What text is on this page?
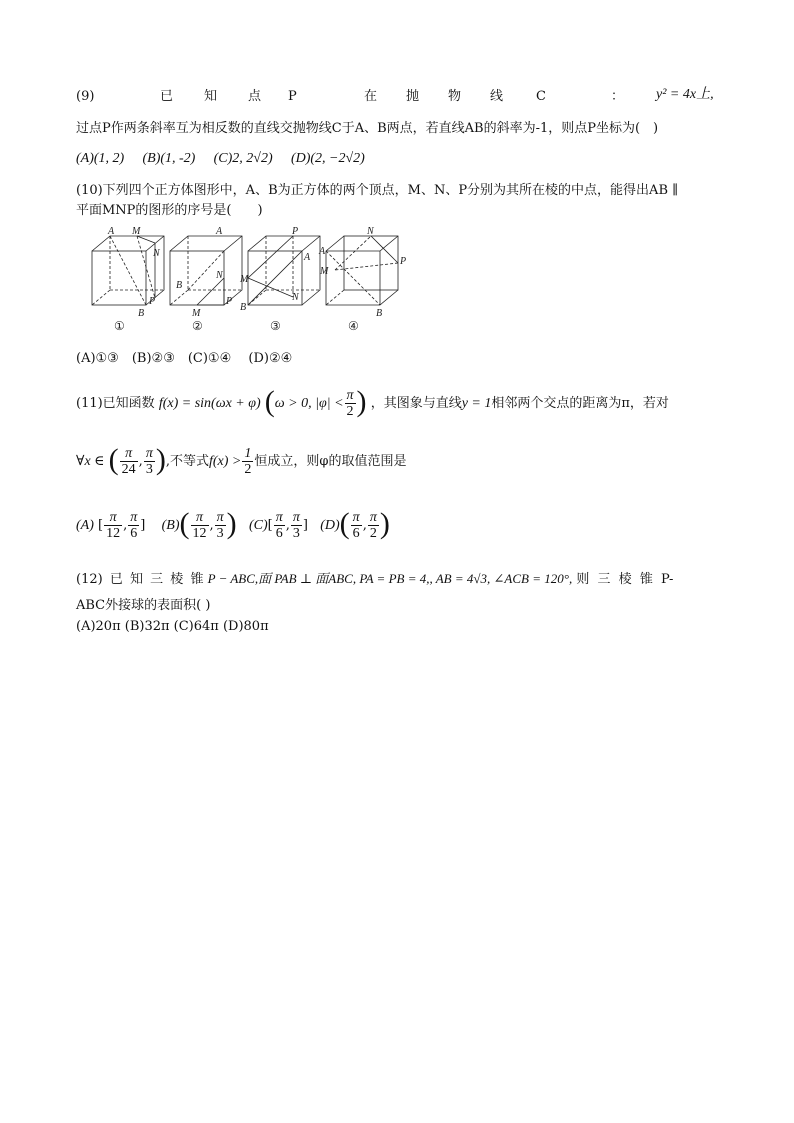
(9)	已 知 点 P	在 抛 物 线	C	： y² = 4x上,
过点P作两条斜率互为相反数的直线交抛物线C于A、B两点，若直线AB的斜率为-1，则点P坐标为(　)
(A)(1, 2) (B)(1, -2) (C)2, 2√2) (D)(2, −2√2)
(10)下列四个正方体图形中，A、B为正方体的两个顶点，M、N、P分别为其所在棱的中点，能得出AB ∥
平面MNP的图形的序号是(　　)
A M
N
P
B
A
N
B
M
P
P
A
M
B
N
N
A
P
M
B
①	②	③	④
(A)①③　(B)②③　(C)①④　 (D)②④
(11)已知函数 f(x) = sin(ωx + φ) (ω > 0, $|\varphi| < \frac{\pi}{2}$ ) ，其图象与直线y = 1相邻两个交点的距离为π，若对
∀x ∈ ( $\frac{\pi}{24}$ , $\frac{\pi}{3}$ ),不等式$f(x) > \frac{1}{2}$ 恒成立，则φ的取值范围是
(A) [ $\frac{\pi}{12}$ , $\frac{\pi}{6}$ ] $(B)( \frac{\pi}{12}$ , $\frac{\pi}{3}$ ) $(C)[ \frac{\pi}{6}$ , $\frac{\pi}{3}$ ] $(D)( \frac{\pi}{6}$ , $\frac{\pi}{2}$ )
(12) 已 知 三 棱 锥 P − ABC,面 PAB ⊥ 面ABC, PA = PB = 4,, AB = 4√3, ∠ACB = 120°, 则 三 棱 锥 P-
ABC外接球的表面积( )
(A)20π (B)32π (C)64π (D)80π
